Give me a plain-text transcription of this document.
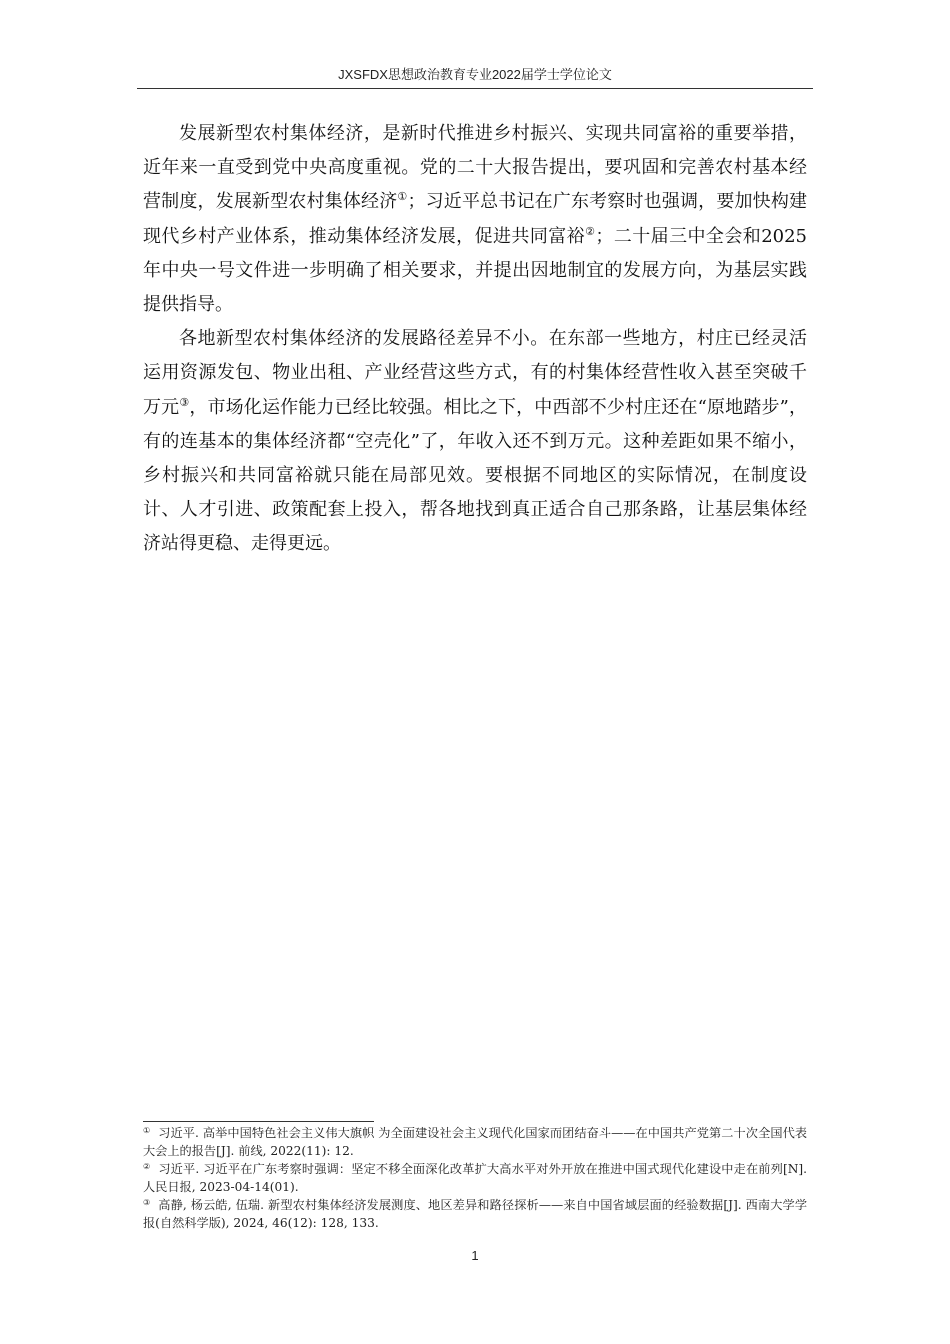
JXSFDX思想政治教育专业2022届学士学位论文

发展新型农村集体经济，是新时代推进乡村振兴、实现共同富裕的重要举措，近年来一直受到党中央高度重视。党的二十大报告提出，要巩固和完善农村基本经营制度，发展新型农村集体经济①；习近平总书记在广东考察时也强调，要加快构建现代乡村产业体系，推动集体经济发展，促进共同富裕②；二十届三中全会和2025年中央一号文件进一步明确了相关要求，并提出因地制宜的发展方向，为基层实践提供指导。

各地新型农村集体经济的发展路径差异不小。在东部一些地方，村庄已经灵活运用资源发包、物业出租、产业经营这些方式，有的村集体经营性收入甚至突破千万元③，市场化运作能力已经比较强。相比之下，中西部不少村庄还在“原地踏步”，有的连基本的集体经济都“空壳化”了，年收入还不到万元。这种差距如果不缩小，乡村振兴和共同富裕就只能在局部见效。要根据不同地区的实际情况，在制度设计、人才引进、政策配套上投入，帮各地找到真正适合自己那条路，让基层集体经济站得更稳、走得更远。

① 习近平. 高举中国特色社会主义伟大旗帜 为全面建设社会主义现代化国家而团结奋斗——在中国共产党第二十次全国代表大会上的报告[J]. 前线, 2022(11): 12.

② 习近平. 习近平在广东考察时强调：坚定不移全面深化改革扩大高水平对外开放在推进中国式现代化建设中走在前列[N]. 人民日报, 2023-04-14(01).

③ 高静, 杨云皓, 伍瑞. 新型农村集体经济发展测度、地区差异和路径探析——来自中国省域层面的经验数据[J]. 西南大学学报(自然科学版), 2024, 46(12): 128, 133.

1
